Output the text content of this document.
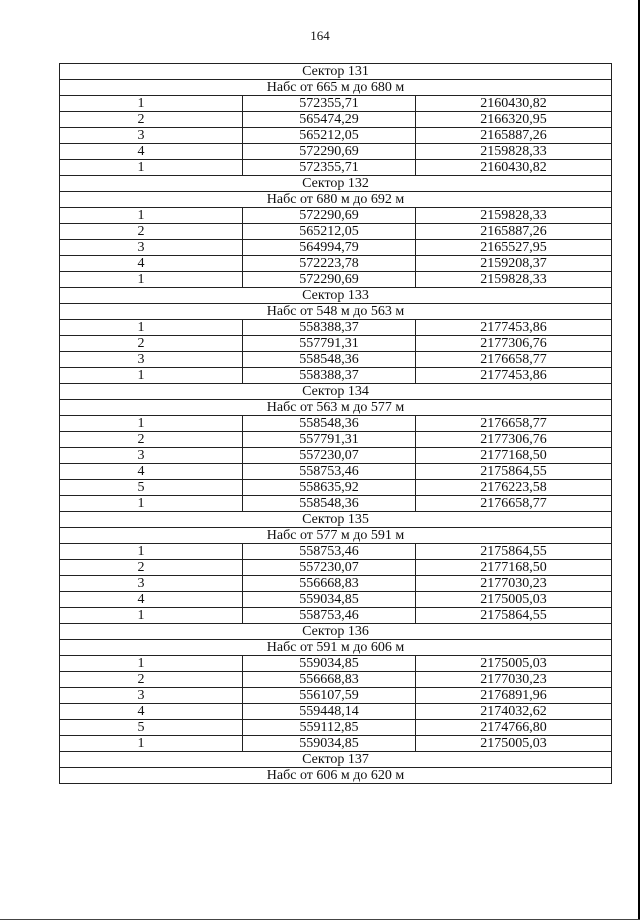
164
Сектор 131		
Набс от 665 м до 680 м		
1	572355,71	2160430,82
2	565474,29	2166320,95
3	565212,05	2165887,26
4	572290,69	2159828,33
1	572355,71	2160430,82
Сектор 132		
Набс от 680 м до 692 м		
1	572290,69	2159828,33
2	565212,05	2165887,26
3	564994,79	2165527,95
4	572223,78	2159208,37
1	572290,69	2159828,33
Сектор 133		
Набс от 548 м до 563 м		
1	558388,37	2177453,86
2	557791,31	2177306,76
3	558548,36	2176658,77
1	558388,37	2177453,86
Сектор 134		
Набс от 563 м до 577 м		
1	558548,36	2176658,77
2	557791,31	2177306,76
3	557230,07	2177168,50
4	558753,46	2175864,55
5	558635,92	2176223,58
1	558548,36	2176658,77
Сектор 135		
Набс от 577 м до 591 м		
1	558753,46	2175864,55
2	557230,07	2177168,50
3	556668,83	2177030,23
4	559034,85	2175005,03
1	558753,46	2175864,55
Сектор 136		
Набс от 591 м до 606 м		
1	559034,85	2175005,03
2	556668,83	2177030,23
3	556107,59	2176891,96
4	559448,14	2174032,62
5	559112,85	2174766,80
1	559034,85	2175005,03
Сектор 137		
Набс от 606 м до 620 м		
